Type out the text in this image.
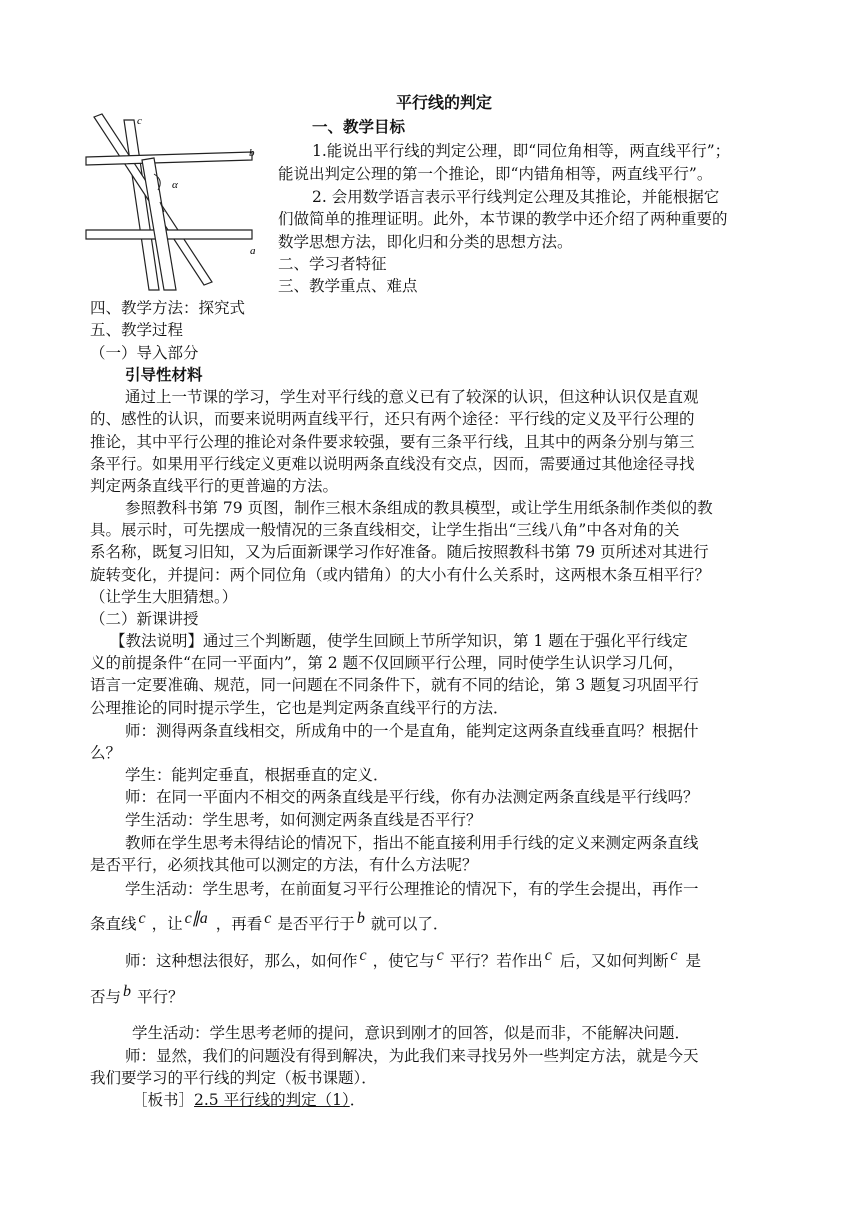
c
b
a
α
平行线的判定
一、教学目标
1.能说出平行线的判定公理，即“同位角相等，两直线平行”；
能说出判定公理的第一个推论，即“内错角相等，两直线平行”。
2. 会用数学语言表示平行线判定公理及其推论，并能根据它
们做简单的推理证明。此外，本节课的教学中还介绍了两种重要的
数学思想方法，即化归和分类的思想方法。
二、学习者特征
三、教学重点、难点
四、教学方法：探究式
五、教学过程
（一）导入部分
引导性材料
通过上一节课的学习，学生对平行线的意义已有了较深的认识，但这种认识仅是直观
的、感性的认识，而要来说明两直线平行，还只有两个途径：平行线的定义及平行公理的
推论，其中平行公理的推论对条件要求较强，要有三条平行线，且其中的两条分别与第三
条平行。如果用平行线定义更难以说明两条直线没有交点，因而，需要通过其他途径寻找
判定两条直线平行的更普遍的方法。
参照教科书第 79 页图，制作三根木条组成的教具模型，或让学生用纸条制作类似的教
具。展示时，可先摆成一般情况的三条直线相交，让学生指出“三线八角”中各对角的关
系名称，既复习旧知，又为后面新课学习作好准备。随后按照教科书第 79 页所述对其进行
旋转变化，并提问：两个同位角（或内错角）的大小有什么关系时，这两根木条互相平行？
（让学生大胆猜想。）
（二）新课讲授
【教法说明】通过三个判断题，使学生回顾上节所学知识，第 1 题在于强化平行线定
义的前提条件“在同一平面内”，第 2 题不仅回顾平行公理，同时使学生认识学习几何，
语言一定要准确、规范，同一问题在不同条件下，就有不同的结论，第 3 题复习巩固平行
公理推论的同时提示学生，它也是判定两条直线平行的方法．
师：测得两条直线相交，所成角中的一个是直角，能判定这两条直线垂直吗？根据什
么？
学生：能判定垂直，根据垂直的定义．
师：在同一平面内不相交的两条直线是平行线，你有办法测定两条直线是平行线吗？
学生活动：学生思考，如何测定两条直线是否平行？
教师在学生思考未得结论的情况下，指出不能直接利用手行线的定义来测定两条直线
是否平行，必须找其他可以测定的方法，有什么方法呢？
学生活动：学生思考，在前面复习平行公理推论的情况下，有的学生会提出，再作一
条直线 c ，让 c∥a ，再看 c 是否平行于 b 就可以了．
师：这种想法很好，那么，如何作 c ，使它与 c 平行？若作出 c 后，又如何判断 c 是
否与 b 平行？
学生活动：学生思考老师的提问，意识到刚才的回答，似是而非，不能解决问题．
师：显然，我们的问题没有得到解决，为此我们来寻找另外一些判定方法，就是今天
我们要学习的平行线的判定（板书课题）．
［板书］2.5 平行线的判定（1）．
